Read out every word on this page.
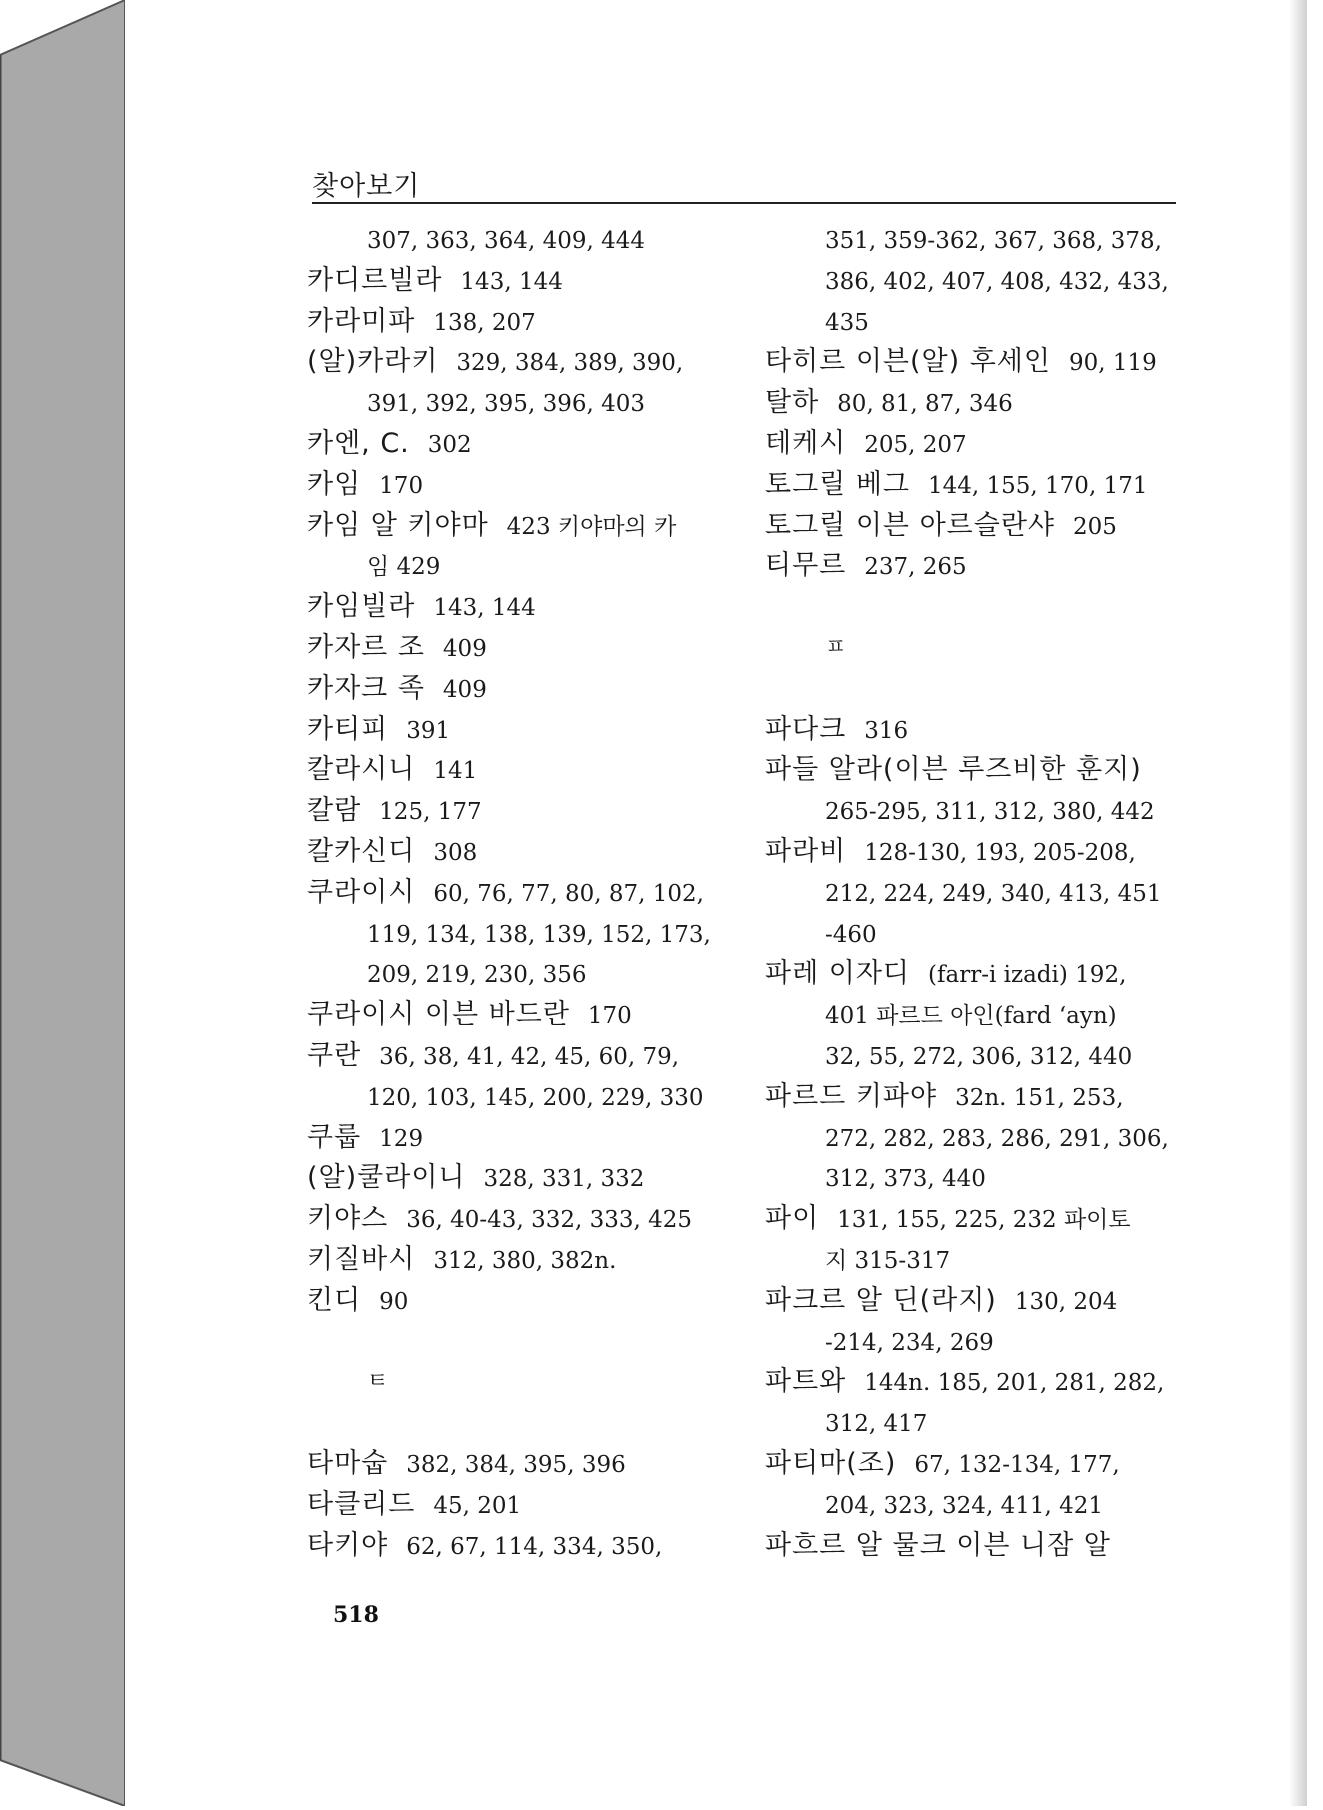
찾아보기
307, 363, 364, 409, 444
카디르빌라 143, 144
카라미파 138, 207
(알)카라키 329, 384, 389, 390,
391, 392, 395, 396, 403
카엔, C. 302
카임 170
카임 알 키야마 423 키야마의 카
임 429
카임빌라 143, 144
카자르 조 409
카자크 족 409
카티피 391
칼라시니 141
칼람 125, 177
칼카신디 308
쿠라이시 60, 76, 77, 80, 87, 102,
119, 134, 138, 139, 152, 173,
209, 219, 230, 356
쿠라이시 이븐 바드란 170
쿠란 36, 38, 41, 42, 45, 60, 79,
120, 103, 145, 200, 229, 330
쿠룹 129
(알)쿨라이니 328, 331, 332
키야스 36, 40-43, 332, 333, 425
키질바시 312, 380, 382n.
킨디 90
ㅌ
타마숩 382, 384, 395, 396
타클리드 45, 201
타키야 62, 67, 114, 334, 350,
351, 359-362, 367, 368, 378,
386, 402, 407, 408, 432, 433,
435
타히르 이븐(알) 후세인 90, 119
탈하 80, 81, 87, 346
테케시 205, 207
토그릴 베그 144, 155, 170, 171
토그릴 이븐 아르슬란샤 205
티무르 237, 265
ㅍ
파다크 316
파들 알라(이븐 루즈비한 훈지)
265-295, 311, 312, 380, 442
파라비 128-130, 193, 205-208,
212, 224, 249, 340, 413, 451
-460
파레 이자디 (farr-i izadi) 192,
401 파르드 아인(fard ‘ayn)
32, 55, 272, 306, 312, 440
파르드 키파야 32n. 151, 253,
272, 282, 283, 286, 291, 306,
312, 373, 440
파이 131, 155, 225, 232 파이토
지 315-317
파크르 알 딘(라지) 130, 204
-214, 234, 269
파트와 144n. 185, 201, 281, 282,
312, 417
파티마(조) 67, 132-134, 177,
204, 323, 324, 411, 421
파흐르 알 물크 이븐 니잠 알
518
